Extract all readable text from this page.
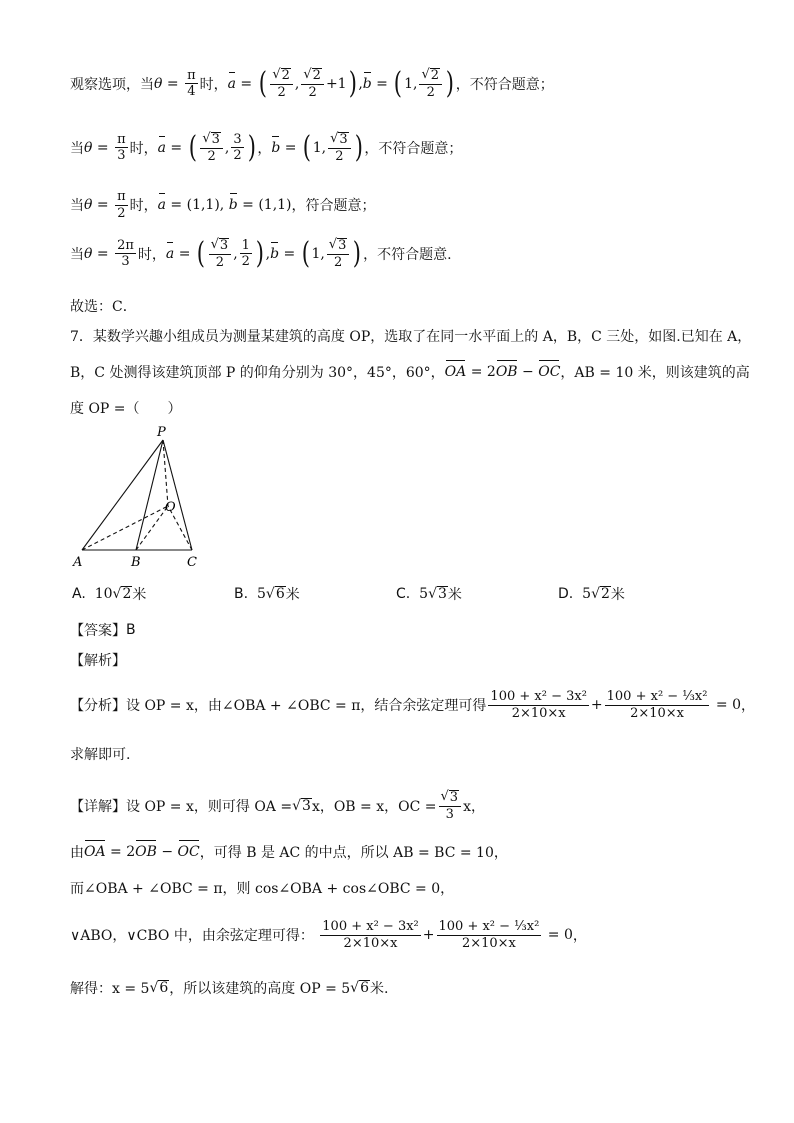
观察选项，当 $\theta = \frac{\pi}{4}$ 时， a = ( $\frac{√ 2}{2}$ , $\frac{√ 2}{2} +1$ ) , b = ( 1, $\frac{√ 2}{2}$ ) ，不符合题意；
当 $\theta = \frac{\pi}{3}$ 时， a = ( $\frac{√ 3}{2}$ , $\frac{3}{2}$ ) ， b = ( 1, $\frac{√ 3}{2}$ ) ，不符合题意；
当 $\theta = \frac{\pi}{2}$ 时， a = (1,1), b = (1,1) ，符合题意；
当 $\theta = \frac{2\pi}{3}$ 时， a = ( $\frac{√ 3}{2}$ , $\frac{1}{2}$ ) , b = ( 1, $\frac{√ 3}{2}$ ) ，不符合题意.
故选：C．
7．某数学兴趣小组成员为测量某建筑的高度 OP，选取了在同一水平面上的 A，B，C 三处，如图.已知在 A，
B，C 处测得该建筑顶部 P 的仰角分别为 30°，45°，60°， OA = 2OB − OC ，AB = 10 米，则该建筑的高
度 OP =（　　）
P
O
A	B	C
A.
10√ 2 米	B.
5√ 6 米	C.
5√ 3 米	D.
5√ 2 米
【答案】 B
【解析】
【分析】 设 OP = x，由∠OBA + ∠OBC = π，结合余弦定理可得 $\frac{\text{100 + x² − 3x²}}{2\times 10\times x} + \frac{\text{100 + x² − ⅓x²}}{2\times 10\times x} = 0$ ，
求解即可.
【详解】 设 OP = x，则可得 OA = √ 3 x，OB = x，OC = $\frac{√ 3}{3}$ x，
由 OA = 2OB − OC ，可得 B 是 AC 的中点，所以 AB = BC = 10，
而∠OBA + ∠OBC = π，则 cos∠OBA + cos∠OBC = 0，
∨ABO，∨CBO 中，由余弦定理可得：
$\frac{\text{100 + x² − 3x²}}{2\times 10\times x} + \frac{\text{100 + x² − ⅓x²}}{2\times 10\times x} = 0$ ，
解得：x = 5 √ 6 ，所以该建筑的高度 OP = 5 √ 6 米.
